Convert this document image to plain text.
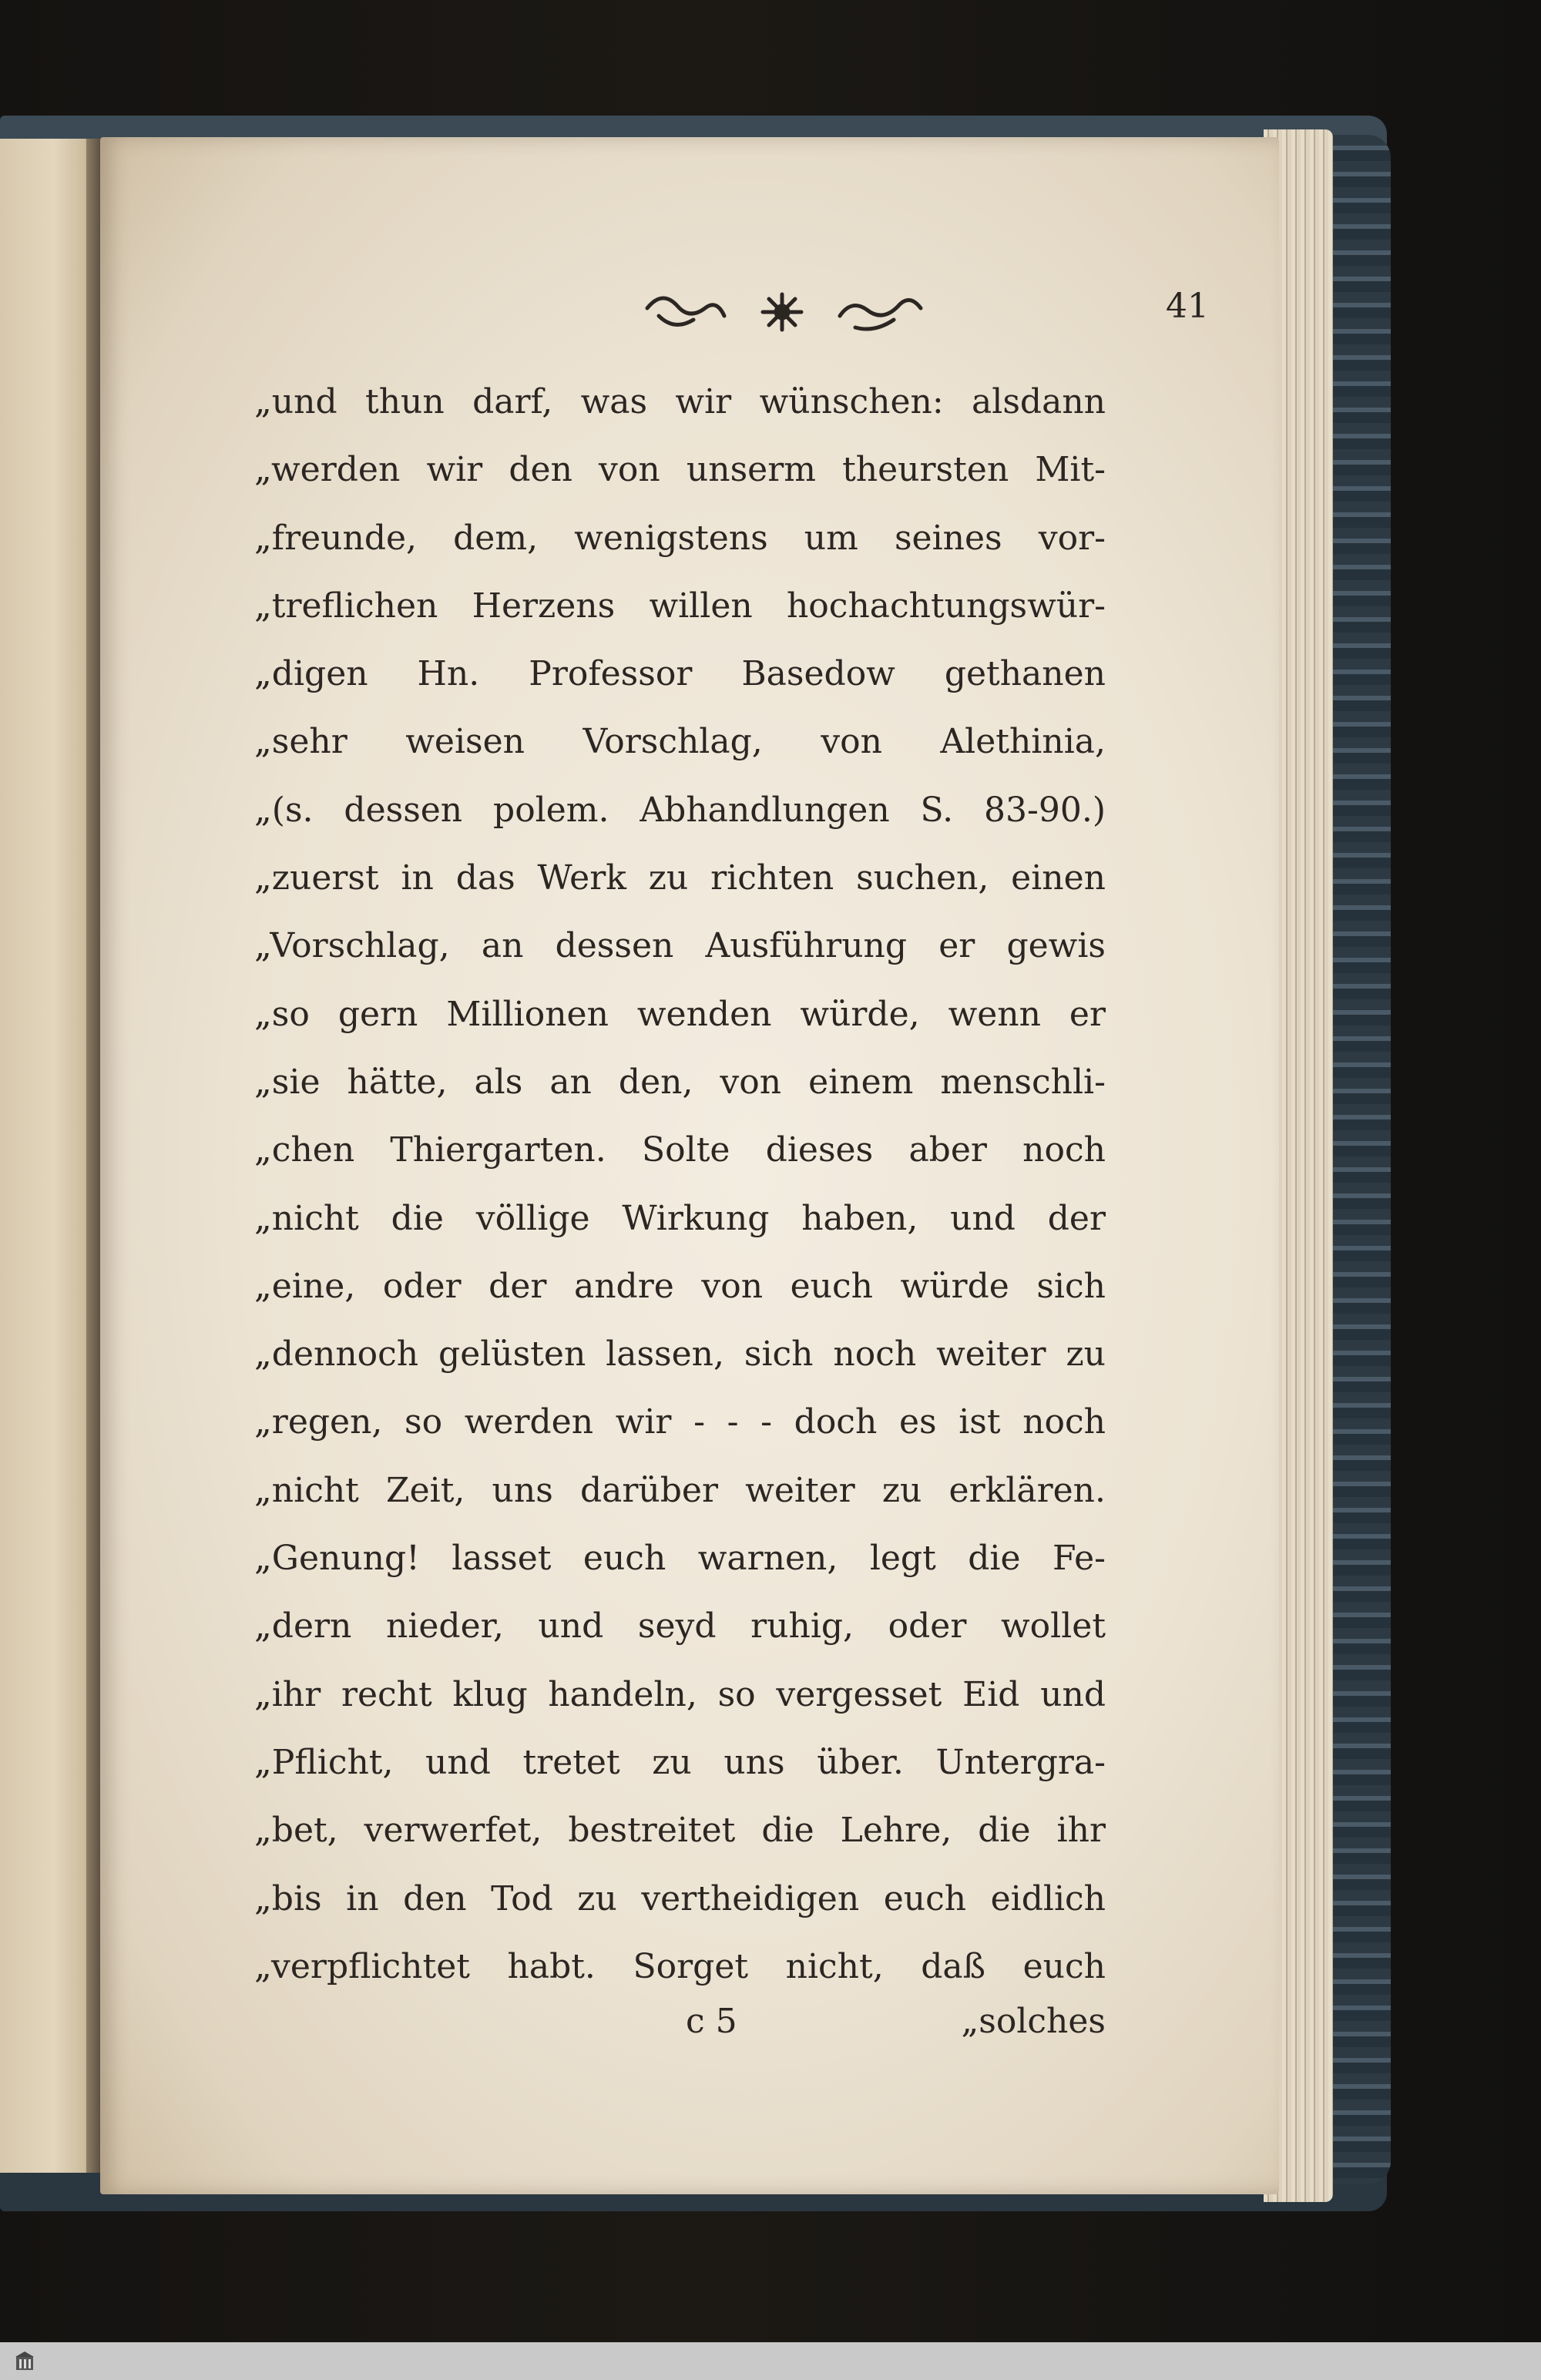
41
„und thun darf, was wir wünschen: alsdann
„werden wir den von unserm theursten Mit-
„freunde, dem, wenigstens um seines vor-
„treflichen Herzens willen hochachtungswür-
„digen Hn. Professor Basedow gethanen
„sehr weisen Vorschlag, von Alethinia,
„(s. dessen polem. Abhandlungen S. 83-90.)
„zuerst in das Werk zu richten suchen, einen
„Vorschlag, an dessen Ausführung er gewis
„so gern Millionen wenden würde, wenn er
„sie hätte, als an den, von einem menschli-
„chen Thiergarten. Solte dieses aber noch
„nicht die völlige Wirkung haben, und der
„eine, oder der andre von euch würde sich
„dennoch gelüsten lassen, sich noch weiter zu
„regen, so werden wir - - - doch es ist noch
„nicht Zeit, uns darüber weiter zu erklären.
„Genung! lasset euch warnen, legt die Fe-
„dern nieder, und seyd ruhig, oder wollet
„ihr recht klug handeln, so vergesset Eid und
„Pflicht, und tretet zu uns über. Untergra-
„bet, verwerfet, bestreitet die Lehre, die ihr
„bis in den Tod zu vertheidigen euch eidlich
„verpflichtet habt. Sorget nicht, daß euch
c 5	„solches
